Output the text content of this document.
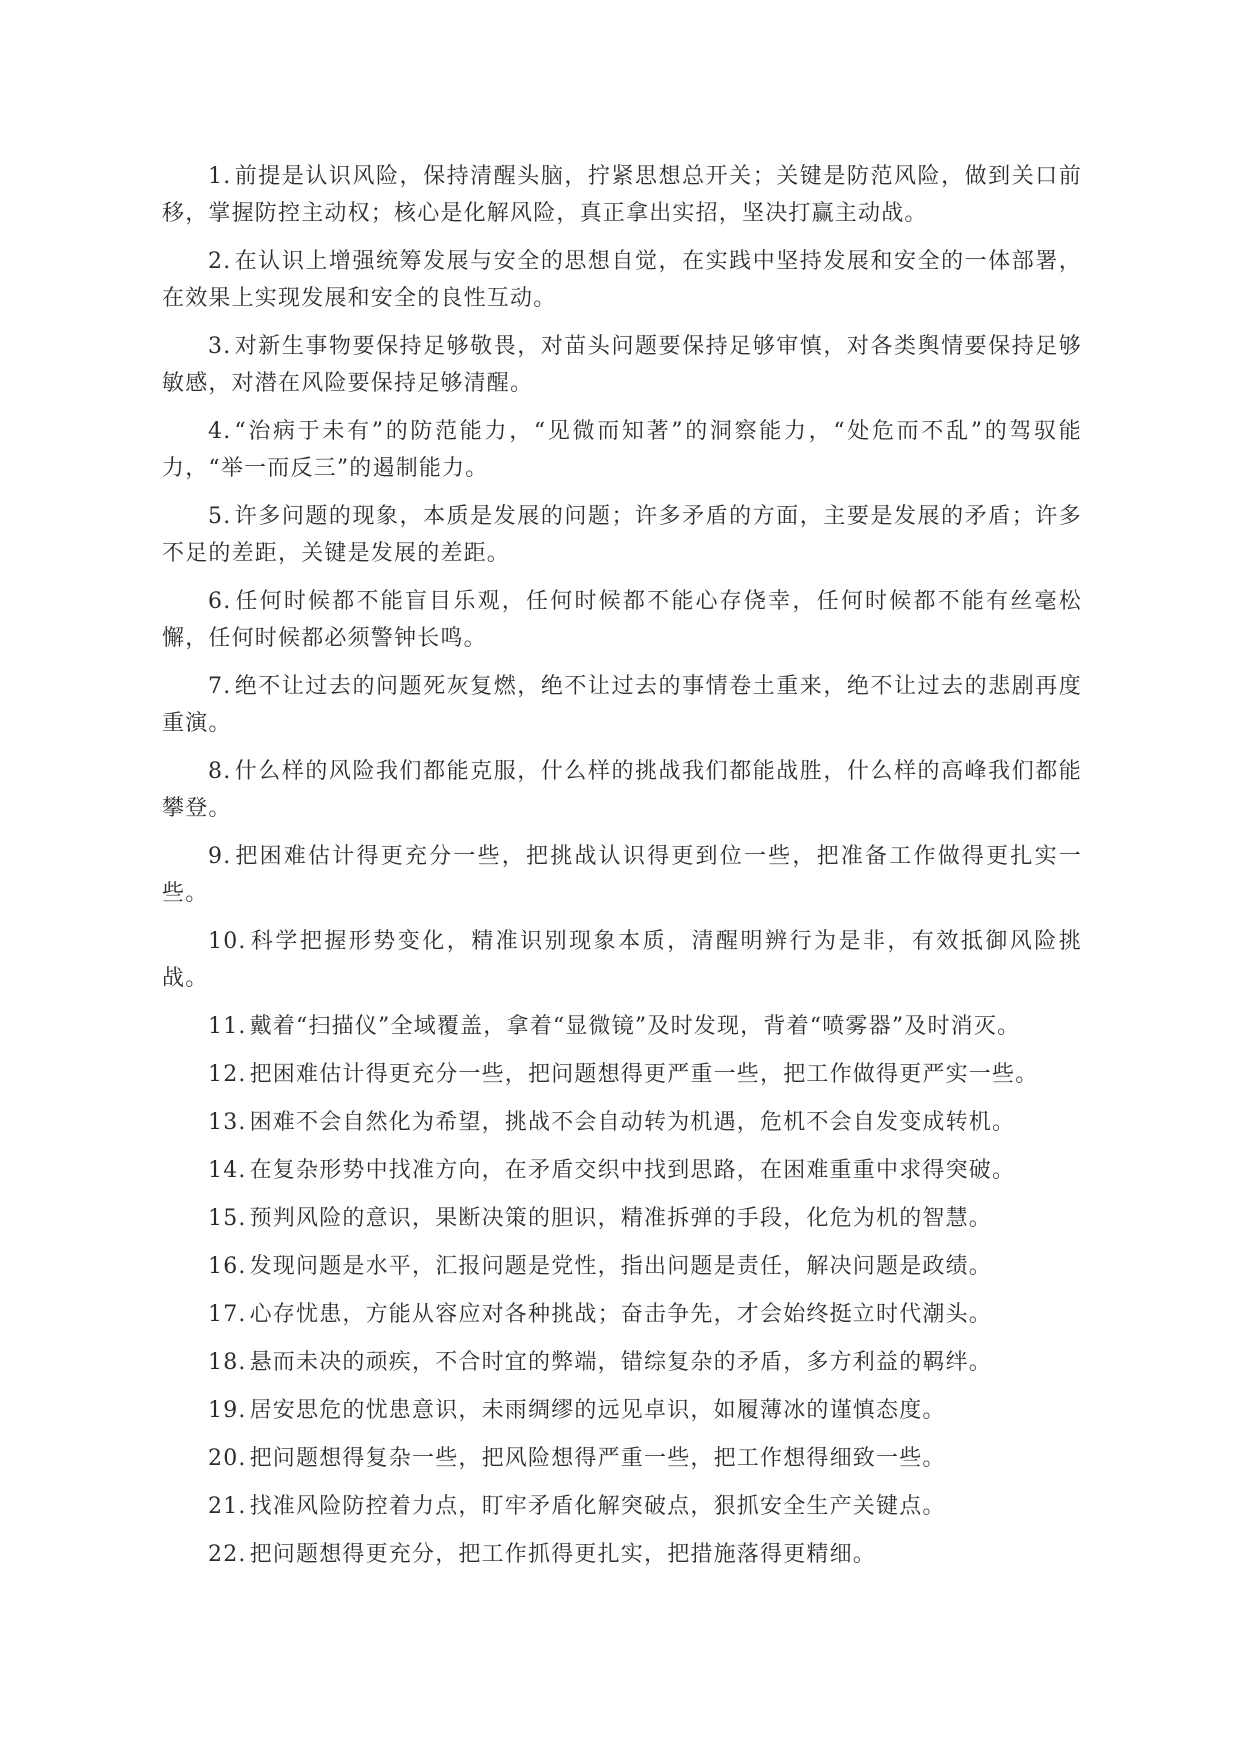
1. 前提是认识风险，保持清醒头脑，拧紧思想总开关；关键是防范风险，做到关口前移，掌握防控主动权；核心是化解风险，真正拿出实招，坚决打赢主动战。

2. 在认识上增强统筹发展与安全的思想自觉，在实践中坚持发展和安全的一体部署，在效果上实现发展和安全的良性互动。

3. 对新生事物要保持足够敬畏，对苗头问题要保持足够审慎，对各类舆情要保持足够敏感，对潜在风险要保持足够清醒。

4. “治病于未有”的防范能力，“见微而知著”的洞察能力，“处危而不乱”的驾驭能力，“举一而反三”的遏制能力。

5. 许多问题的现象，本质是发展的问题；许多矛盾的方面，主要是发展的矛盾；许多不足的差距，关键是发展的差距。

6. 任何时候都不能盲目乐观，任何时候都不能心存侥幸，任何时候都不能有丝毫松懈，任何时候都必须警钟长鸣。

7. 绝不让过去的问题死灰复燃，绝不让过去的事情卷土重来，绝不让过去的悲剧再度重演。

8. 什么样的风险我们都能克服，什么样的挑战我们都能战胜，什么样的高峰我们都能攀登。

9. 把困难估计得更充分一些，把挑战认识得更到位一些，把准备工作做得更扎实一些。

10. 科学把握形势变化，精准识别现象本质，清醒明辨行为是非，有效抵御风险挑战。

11. 戴着“扫描仪”全域覆盖，拿着“显微镜”及时发现，背着“喷雾器”及时消灭。

12. 把困难估计得更充分一些，把问题想得更严重一些，把工作做得更严实一些。

13. 困难不会自然化为希望，挑战不会自动转为机遇，危机不会自发变成转机。

14. 在复杂形势中找准方向，在矛盾交织中找到思路，在困难重重中求得突破。

15. 预判风险的意识，果断决策的胆识，精准拆弹的手段，化危为机的智慧。

16. 发现问题是水平，汇报问题是党性，指出问题是责任，解决问题是政绩。

17. 心存忧患，方能从容应对各种挑战；奋击争先，才会始终挺立时代潮头。

18. 悬而未决的顽疾，不合时宜的弊端，错综复杂的矛盾，多方利益的羁绊。

19. 居安思危的忧患意识，未雨绸缪的远见卓识，如履薄冰的谨慎态度。

20. 把问题想得复杂一些，把风险想得严重一些，把工作想得细致一些。

21. 找准风险防控着力点，盯牢矛盾化解突破点，狠抓安全生产关键点。

22. 把问题想得更充分，把工作抓得更扎实，把措施落得更精细。
